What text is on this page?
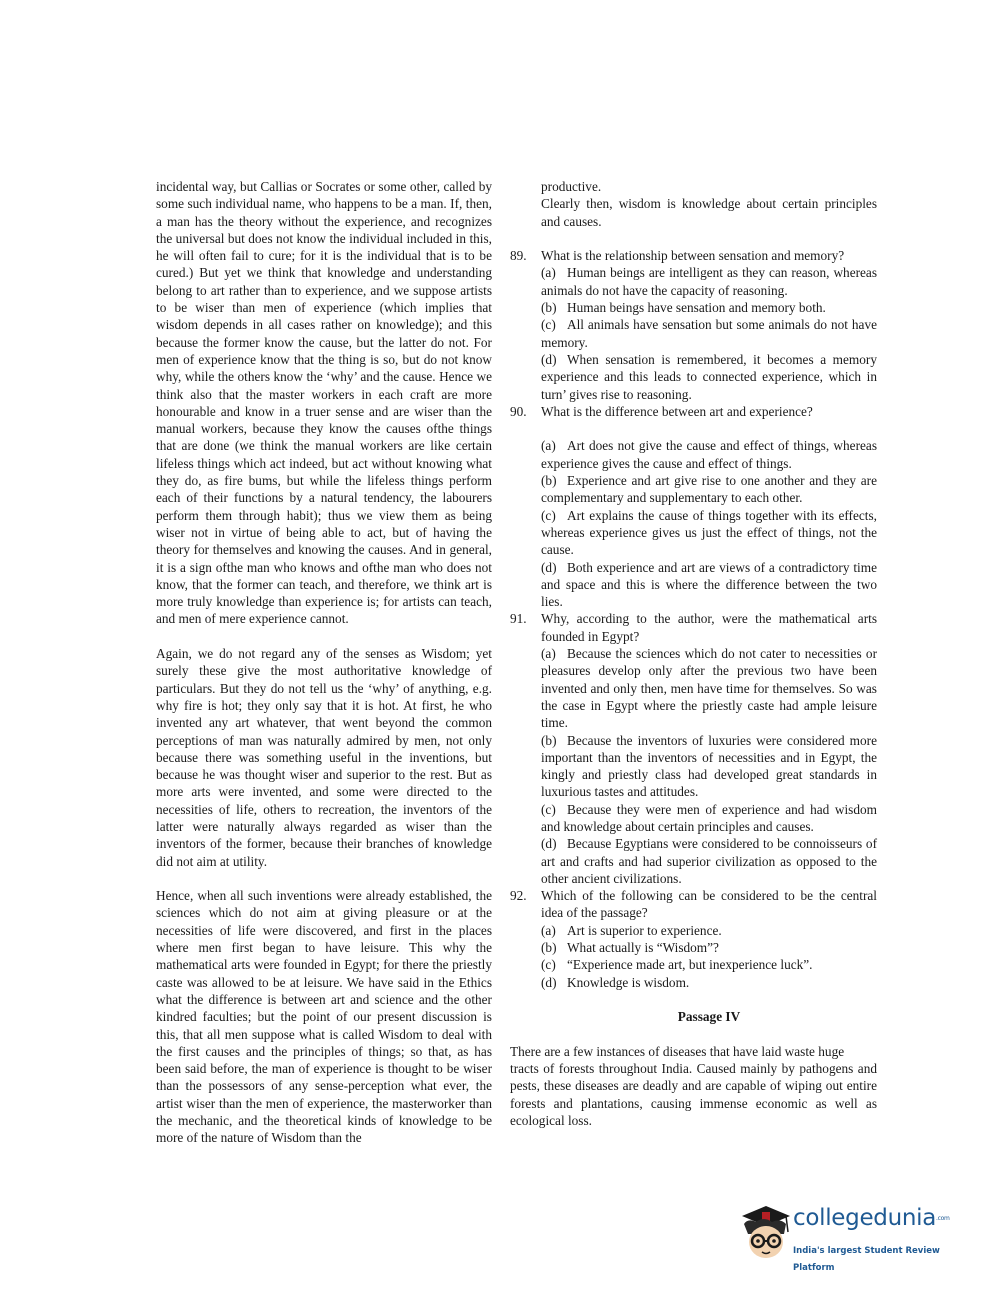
incidental way, but Callias or Socrates or some other, called by some such individual name, who happens to be a man. If, then, a man has the theory without the experience, and recognizes the universal but does not know the individual included in this, he will often fail to cure; for it is the individual that is to be cured.) But yet we think that knowledge and understanding belong to art rather than to experience, and we suppose artists to be wiser than men of experience (which implies that wisdom depends in all cases rather on knowledge); and this because the former know the cause, but the latter do not. For men of experience know that the thing is so, but do not know why, while the others know the ‘why’ and the cause. Hence we think also that the master workers in each craft are more honourable and know in a truer sense and are wiser than the manual workers, because they know the causes ofthe things that are done (we think the manual workers are like certain lifeless things which act indeed, but act without knowing what they do, as fire bums, but while the lifeless things perform each of their functions by a natural tendency, the labourers perform them through habit); thus we view them as being wiser not in virtue of being able to act, but of having the theory for themselves and knowing the causes. And in general, it is a sign ofthe man who knows and ofthe man who does not know, that the former can teach, and therefore, we think art is more truly knowledge than experience is; for artists can teach, and men of mere experience cannot.

Again, we do not regard any of the senses as Wisdom; yet surely these give the most authoritative knowledge of particulars. But they do not tell us the ‘why’ of anything, e.g. why fire is hot; they only say that it is hot. At first, he who invented any art whatever, that went beyond the common perceptions of man was naturally admired by men, not only because there was something useful in the inventions, but because he was thought wiser and superior to the rest. But as more arts were invented, and some were directed to the necessities of life, others to recreation, the inventors of the latter were naturally always regarded as wiser than the inventors of the former, because their branches of knowledge did not aim at utility.

Hence, when all such inventions were already established, the sciences which do not aim at giving pleasure or at the necessities of life were discovered, and first in the places where men first began to have leisure. This why the mathematical arts were founded in Egypt; for there the priestly caste was allowed to be at leisure. We have said in the Ethics what the difference is between art and science and the other kindred faculties; but the point of our present discussion is this, that all men suppose what is called Wisdom to deal with the first causes and the principles of things; so that, as has been said before, the man of experience is thought to be wiser than the possessors of any sense-perception what ever, the artist wiser than the men of experience, the masterworker than the mechanic, and the theoretical kinds of knowledge to be more of the nature of Wisdom than the

productive.

Clearly then, wisdom is knowledge about certain principles and causes.

89. What is the relationship between sensation and memory?

(a) Human beings are intelligent as they can reason, whereas animals do not have the capacity of reasoning.

(b) Human beings have sensation and memory both.

(c) All animals have sensation but some animals do not have memory.

(d) When sensation is remembered, it becomes a memory experience and this leads to connected experience, which in turn’ gives rise to reasoning.

90. What is the difference between art and experience?

(a) Art does not give the cause and effect of things, whereas experience gives the cause and effect of things.

(b) Experience and art give rise to one another and they are complementary and supplementary to each other.

(c) Art explains the cause of things together with its effects, whereas experience gives us just the effect of things, not the cause.

(d) Both experience and art are views of a contradictory time and space and this is where the difference between the two lies.

91. Why, according to the author, were the mathematical arts founded in Egypt?

(a) Because the sciences which do not cater to necessities or pleasures develop only after the previous two have been invented and only then, men have time for themselves. So was the case in Egypt where the priestly caste had ample leisure time.

(b) Because the inventors of luxuries were considered more important than the inventors of necessities and in Egypt, the kingly and priestly class had developed great standards in luxurious tastes and attitudes.

(c) Because they were men of experience and had wisdom and knowledge about certain principles and causes.

(d) Because Egyptians were considered to be connoisseurs of art and crafts and had superior civilization as opposed to the other ancient civilizations.

92. Which of the following can be considered to be the central idea of the passage?

(a) Art is superior to experience.

(b) What actually is “Wisdom”?

(c) “Experience made art, but inexperience luck”.

(d) Knowledge is wisdom.

Passage IV

There are a few instances of diseases that have laid waste huge

tracts of forests throughout India. Caused mainly by pathogens and pests, these diseases are deadly and are capable of wiping out entire forests and plantations, causing immense economic as well as ecological loss.

collegedunia$^{.com}$
India's largest Student Review Platform
